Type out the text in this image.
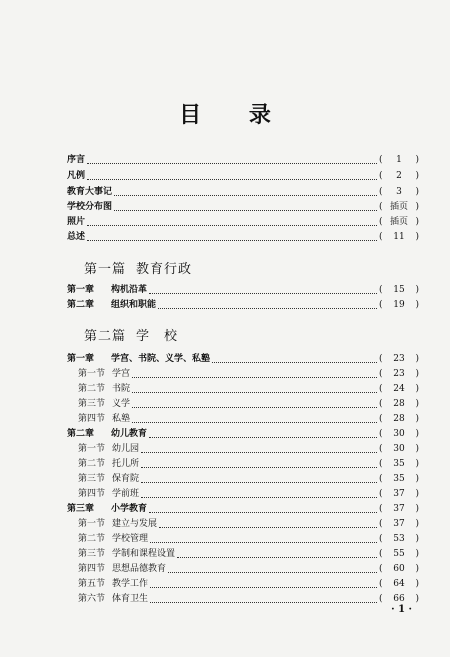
目 录
序言	( 1 )
凡例	( 2 )
教育大事记	( 3 )
学校分布图	( 插页 )
照片	( 插页 )
总述	( 11 )
第一篇 教育行政
第一章 构机沿革	( 15 )
第二章 组织和职能	( 19 )
第二篇 学　校
第一章 学宫、书院、义学、私塾	( 23 )
第一节 学宫	( 23 )
第二节 书院	( 24 )
第三节 义学	( 28 )
第四节 私塾	( 28 )
第二章 幼儿教育	( 30 )
第一节 幼儿园	( 30 )
第二节 托儿所	( 35 )
第三节 保育院	( 35 )
第四节 学前班	( 37 )
第三章 小学教育	( 37 )
第一节 建立与发展	( 37 )
第二节 学校管理	( 53 )
第三节 学制和课程设置	( 55 )
第四节 思想品德教育	( 60 )
第五节 教学工作	( 64 )
第六节 体育卫生	( 66 )
· 1 ·
